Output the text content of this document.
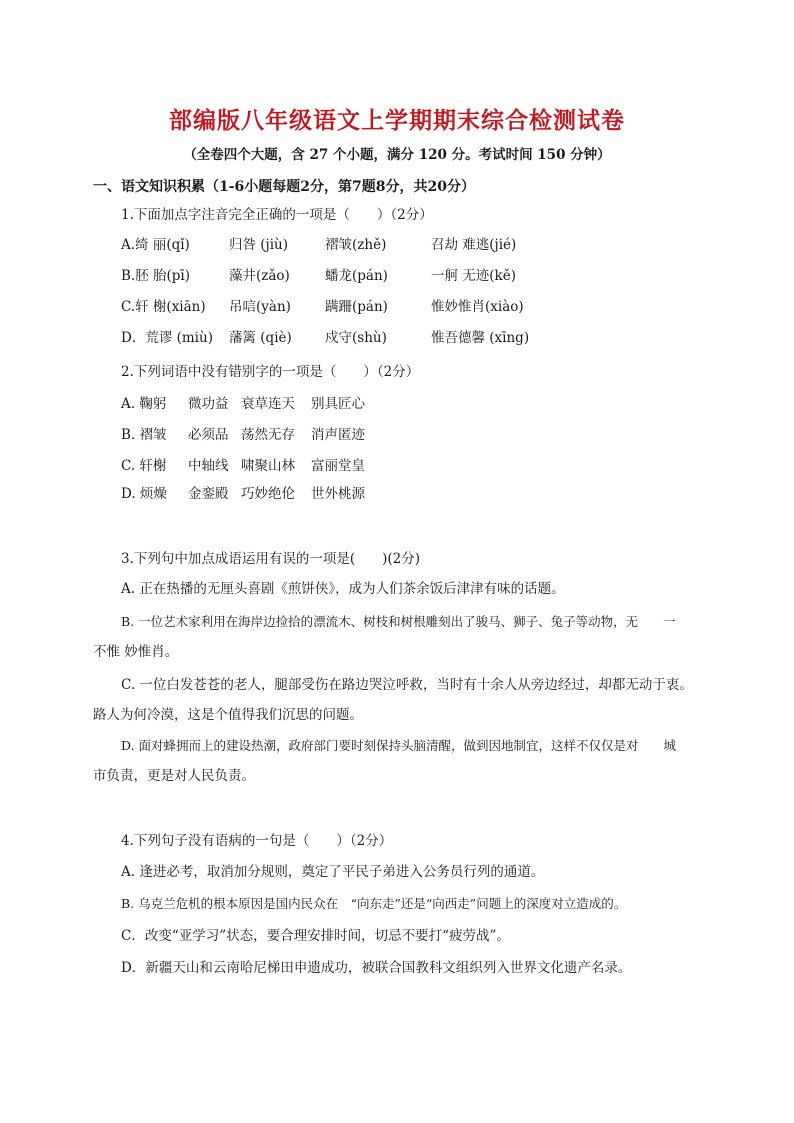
部编版八年级语文上学期期末综合检测试卷
（全卷四个大题，含 27 个小题，满分 120 分。考试时间 150 分钟）
一、语文知识积累（1-6小题每题2分，第7题8分，共20分）
1.下面加点字注音完全正确的一项是（　　）（2分）
A.绮 丽(qǐ)	归咎 (jiù)	褶皱(zhě)	召劫 难逃(jié)
B.胚 胎(pī)	藻井(zǎo)	蟠龙(pán)	一舸 无迹(kě)
C.轩 榭(xiān) 吊唁(yàn)	蹒跚(pán)	惟妙惟肖(xiào)
D．荒谬 (miù) 藩篱 (qiè) 戍守(shù)	惟吾德馨 (xīng)
2.下列词语中没有错别字的一项是（　　）（2分）
A. 鞠躬 微功益 衰草连天 别具匠心
B. 褶皱 必须品 荡然无存 消声匿迹
C. 轩榭 中轴线 啸聚山林 富丽堂皇
D. 烦燥 金銮殿 巧妙绝伦 世外桃源
3.下列句中加点成语运用有误的一项是(　　)(2分)
A. 正在热播的无厘头喜剧《煎饼侠》，成为人们茶余饭后津津有味的话题。
B. 一位艺术家利用在海岸边捡拾的漂流木、树枝和树根雕刻出了骏马、狮子、兔子等动物，无　　一
不惟 妙惟肖。
C. 一位白发苍苍的老人，腿部受伤在路边哭泣呼救，当时有十余人从旁边经过，却都无动于衷。
路人为何冷漠，这是个值得我们沉思的问题。
D. 面对蜂拥而上的建设热潮，政府部门要时刻保持头脑清醒，做到因地制宜，这样不仅仅是对　　城
市负责，更是对人民负责。
4.下列句子没有语病的一句是（　　）（2分）
A. 逢进必考，取消加分规则，奠定了平民子弟进入公务员行列的通道。
B. 乌克兰危机的根本原因是国内民众在　“向东走”还是“向西走”问题上的深度对立造成的。
C．改变“亚学习”状态，要合理安排时间，切忌不要打“疲劳战”。
D．新疆天山和云南哈尼梯田申遗成功，被联合国教科文组织列入世界文化遗产名录。
